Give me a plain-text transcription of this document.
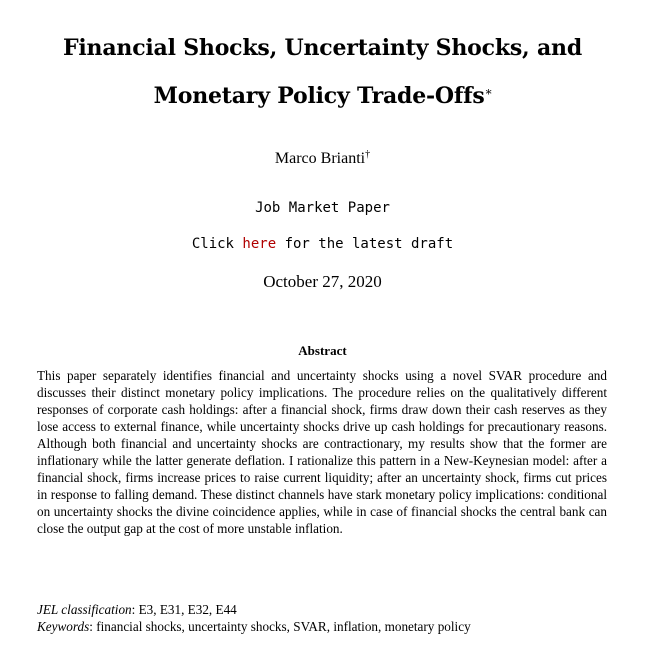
Financial Shocks, Uncertainty Shocks, and
Monetary Policy Trade-Offs*
Marco Brianti†
Job Market Paper
Click here for the latest draft
October 27, 2020
Abstract
This paper separately identifies financial and uncertainty shocks using a novel SVAR procedure and discusses their distinct monetary policy implications. The procedure relies on the qualitatively different responses of corporate cash holdings: after a financial shock, firms draw down their cash reserves as they lose access to external finance, while uncertainty shocks drive up cash holdings for precautionary reasons. Although both financial and uncertainty shocks are contractionary, my results show that the former are inflationary while the latter generate deflation. I rationalize this pattern in a New-Keynesian model: after a financial shock, firms increase prices to raise current liquidity; after an uncertainty shock, firms cut prices in response to falling demand. These distinct channels have stark monetary policy implications: conditional on uncertainty shocks the divine coincidence applies, while in case of financial shocks the central bank can close the output gap at the cost of more unstable inflation.
JEL classification: E3, E31, E32, E44
Keywords: financial shocks, uncertainty shocks, SVAR, inflation, monetary policy
